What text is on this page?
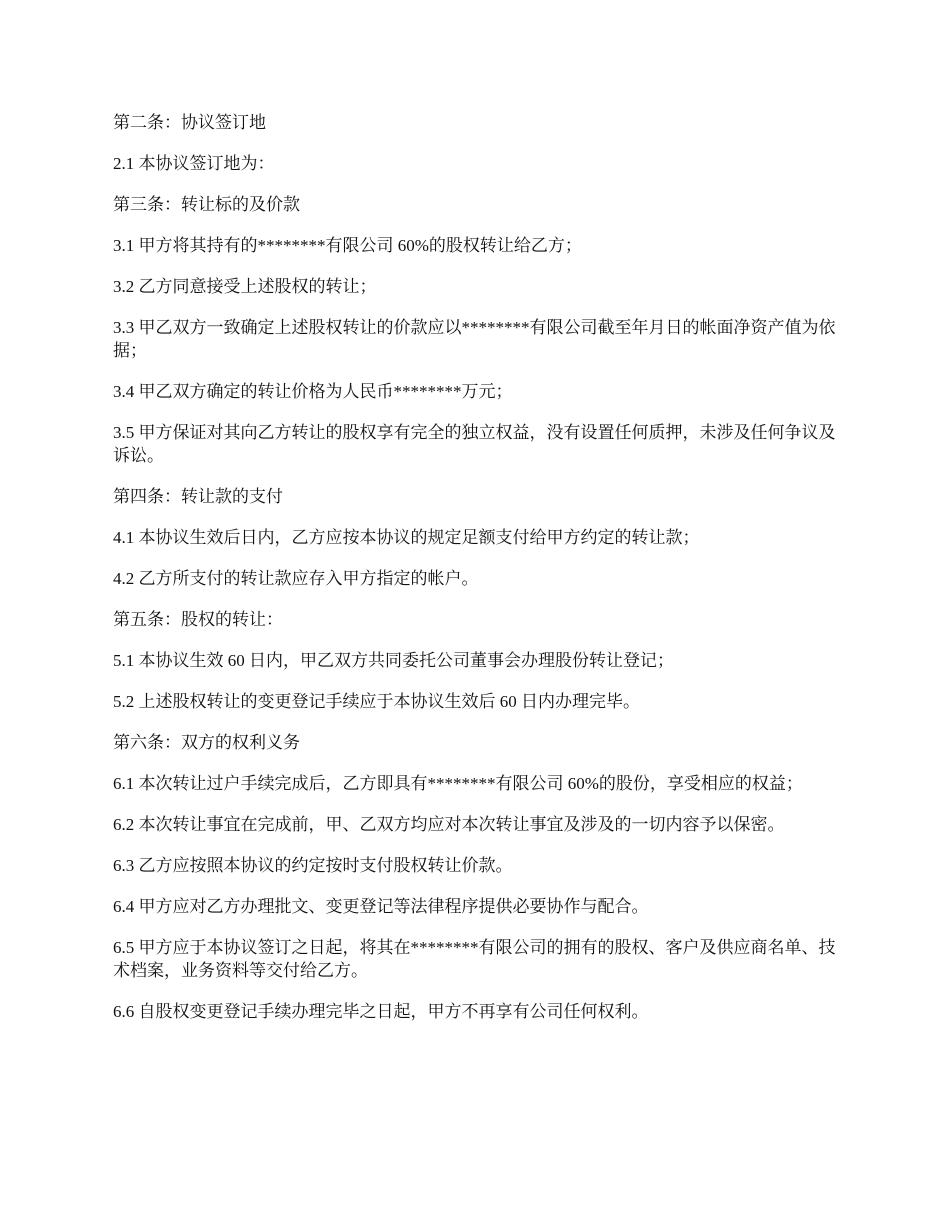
第二条：协议签订地

2.1 本协议签订地为：

第三条：转让标的及价款

3.1 甲方将其持有的********有限公司 60%的股权转让给乙方；

3.2 乙方同意接受上述股权的转让；

3.3 甲乙双方一致确定上述股权转让的价款应以********有限公司截至年月日的帐面净资产值为依据；

3.4 甲乙双方确定的转让价格为人民币********万元；

3.5 甲方保证对其向乙方转让的股权享有完全的独立权益，没有设置任何质押，未涉及任何争议及诉讼。

第四条：转让款的支付

4.1 本协议生效后日内，乙方应按本协议的规定足额支付给甲方约定的转让款；

4.2 乙方所支付的转让款应存入甲方指定的帐户。

第五条：股权的转让：

5.1 本协议生效 60 日内，甲乙双方共同委托公司董事会办理股份转让登记；

5.2 上述股权转让的变更登记手续应于本协议生效后 60 日内办理完毕。

第六条：双方的权利义务

6.1 本次转让过户手续完成后，乙方即具有********有限公司 60%的股份，享受相应的权益；

6.2 本次转让事宜在完成前，甲、乙双方均应对本次转让事宜及涉及的一切内容予以保密。

6.3 乙方应按照本协议的约定按时支付股权转让价款。

6.4 甲方应对乙方办理批文、变更登记等法律程序提供必要协作与配合。

6.5 甲方应于本协议签订之日起，将其在********有限公司的拥有的股权、客户及供应商名单、技术档案，业务资料等交付给乙方。

6.6 自股权变更登记手续办理完毕之日起，甲方不再享有公司任何权利。
